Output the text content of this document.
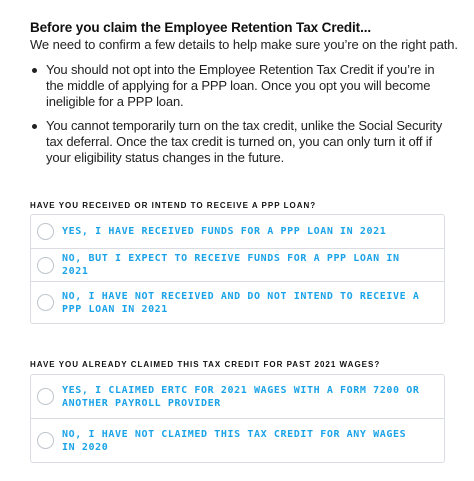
Before you claim the Employee Retention Tax Credit...
We need to confirm a few details to help make sure you’re on the right path.
You should not opt into the Employee Retention Tax Credit if you’re in the middle of applying for a PPP loan. Once you opt you will become ineligible for a PPP loan.
You cannot temporarily turn on the tax credit, unlike the Social Security tax deferral. Once the tax credit is turned on, you can only turn it off if your eligibility status changes in the future.
HAVE YOU RECEIVED OR INTEND TO RECEIVE A PPP LOAN?
YES, I HAVE RECEIVED FUNDS FOR A PPP LOAN IN 2021
NO, BUT I EXPECT TO RECEIVE FUNDS FOR A PPP LOAN IN 2021
NO, I HAVE NOT RECEIVED AND DO NOT INTEND TO RECEIVE A PPP LOAN IN 2021
HAVE YOU ALREADY CLAIMED THIS TAX CREDIT FOR PAST 2021 WAGES?
YES, I CLAIMED ERTC FOR 2021 WAGES WITH A FORM 7200 OR ANOTHER PAYROLL PROVIDER
NO, I HAVE NOT CLAIMED THIS TAX CREDIT FOR ANY WAGES IN 2020
